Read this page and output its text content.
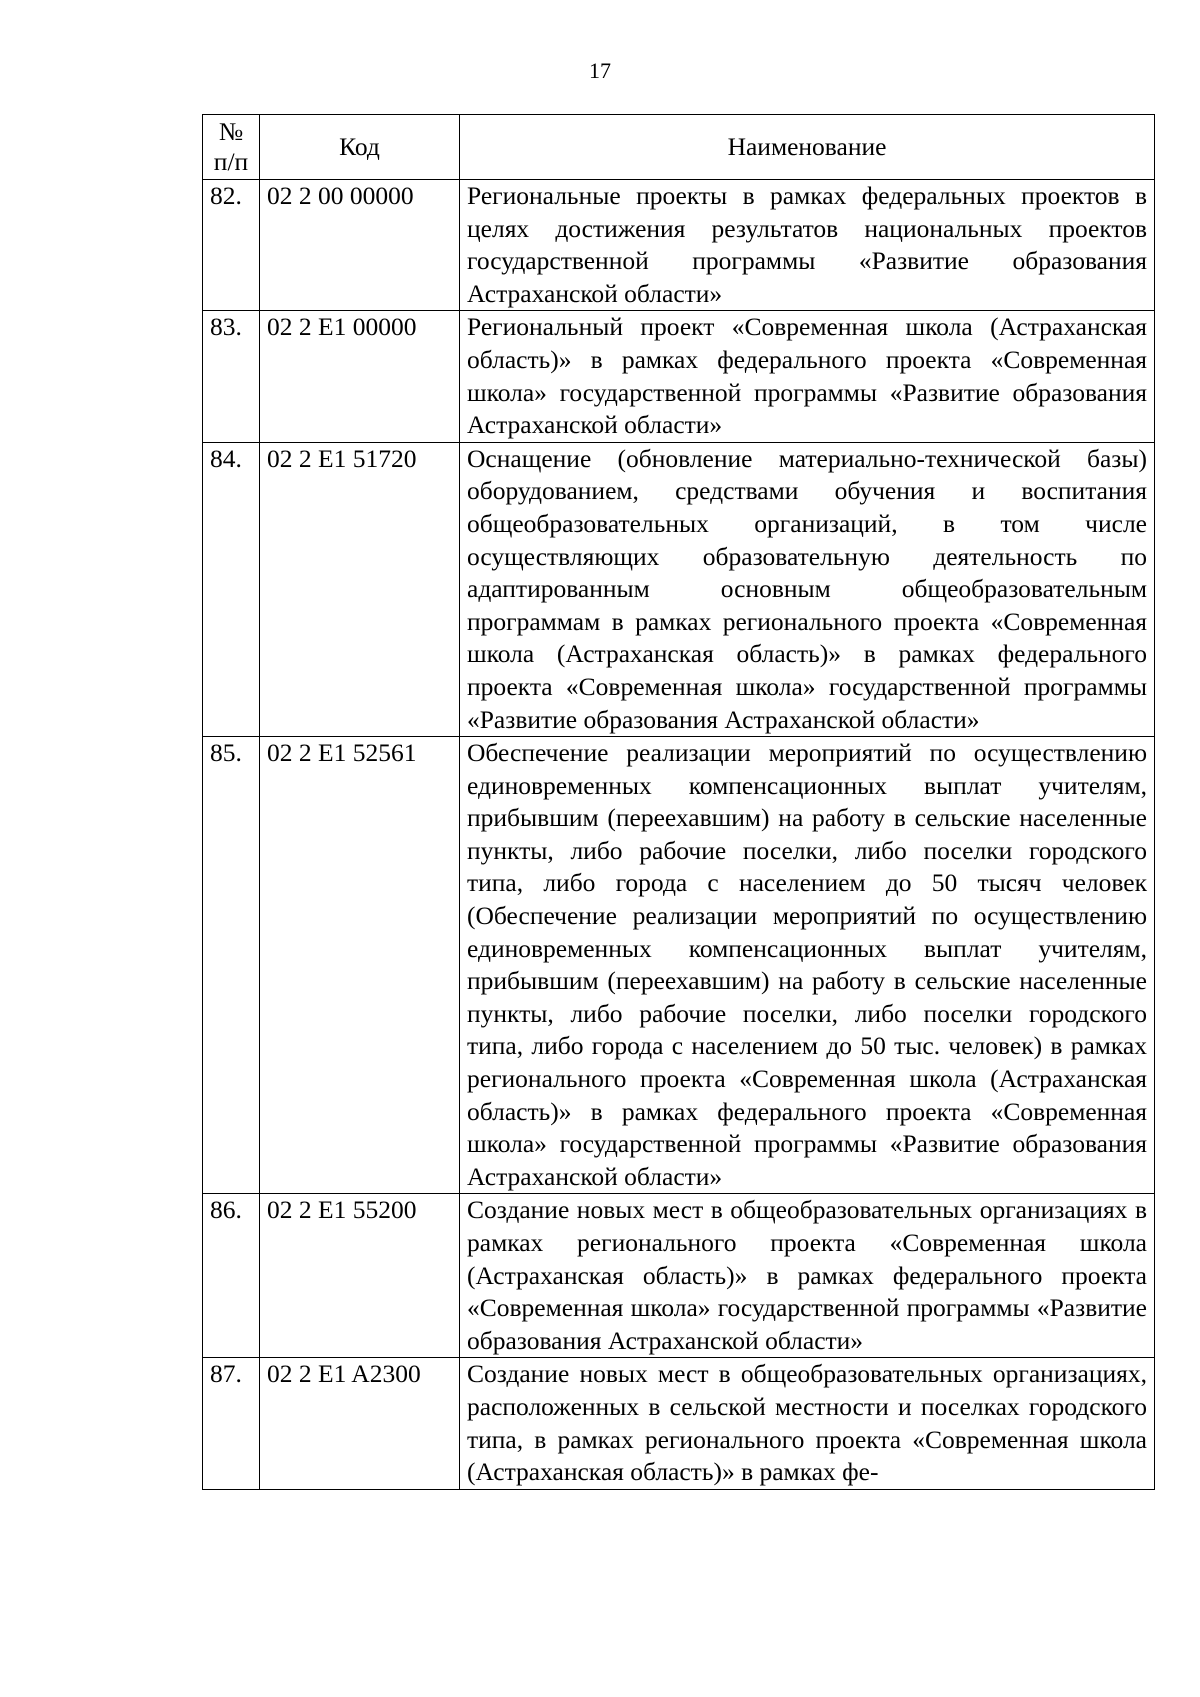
17
№
п/п	Код	Наименование
82.	02 2 00 00000	Региональные проекты в рамках федеральных проектов в целях достижения результатов национальных проектов государственной программы «Развитие образования Астраханской области»
83.	02 2 E1 00000	Региональный проект «Современная школа (Астраханская область)» в рамках федерального проекта «Современная школа» государственной программы «Развитие образования Астраханской области»
84.	02 2 E1 51720	Оснащение (обновление материально-технической базы) оборудованием, средствами обучения и воспитания общеобразовательных организаций, в том числе осуществляющих образовательную деятельность по адаптированным основным общеобразовательным программам в рамках регионального проекта «Современная школа (Астраханская область)» в рамках федерального проекта «Современная школа» государственной программы «Развитие образования Астраханской области»
85.	02 2 E1 52561	Обеспечение реализации мероприятий по осуществлению единовременных компенсационных выплат учителям, прибывшим (переехавшим) на работу в сельские населенные пункты, либо рабочие поселки, либо поселки городского типа, либо города с населением до 50 тысяч человек (Обеспечение реализации мероприятий по осуществлению единовременных компенсационных выплат учителям, прибывшим (переехавшим) на работу в сельские населенные пункты, либо рабочие поселки, либо поселки городского типа, либо города с населением до 50 тыс. человек) в рамках регионального проекта «Современная школа (Астраханская область)» в рамках федерального проекта «Современная школа» государственной программы «Развитие образования Астраханской области»
86.	02 2 E1 55200	Создание новых мест в общеобразовательных организациях в рамках регионального проекта «Современная школа (Астраханская область)» в рамках федерального проекта «Современная школа» государственной программы «Развитие образования Астраханской области»
87.	02 2 E1 A2300	Создание новых мест в общеобразовательных организациях, расположенных в сельской местности и поселках городского типа, в рамках регионального проекта «Современная школа (Астраханская область)» в рамках фе-
